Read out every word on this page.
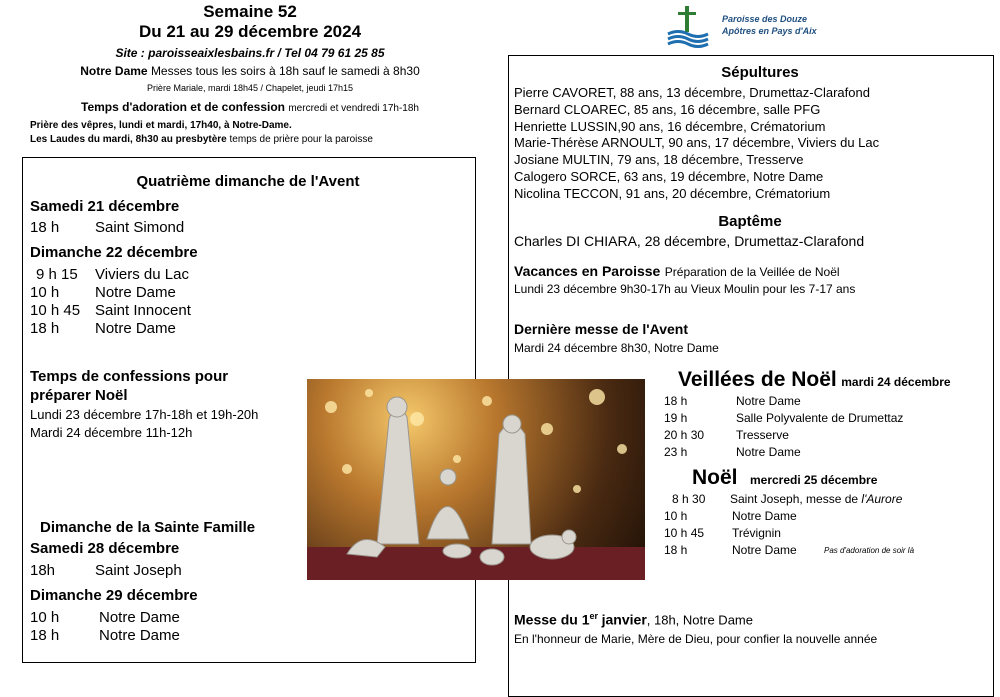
Semaine 52
Du 21 au 29 décembre 2024
Site : paroisseaixlesbains.fr / Tel 04 79 61 25 85
Notre Dame Messes tous les soirs à 18h sauf le samedi à 8h30
Prière Mariale, mardi 18h45 / Chapelet, jeudi 17h15
Temps d'adoration et de confession mercredi et vendredi 17h-18h
Prière des vêpres, lundi et mardi, 17h40, à Notre-Dame.
Les Laudes du mardi, 8h30 au presbytère temps de prière pour la paroisse
Paroisse des Douze
Apôtres en Pays d'Aix
Quatrième dimanche de l'Avent
Samedi 21 décembre
18 h Saint Simond
Dimanche 22 décembre
9 h 15 Viviers du Lac
10 h Notre Dame
10 h 45 Saint Innocent
18 h Notre Dame
Temps de confessions pour
préparer Noël
Lundi 23 décembre 17h-18h et 19h-20h
Mardi 24 décembre 11h-12h
Dimanche de la Sainte Famille
Samedi 28 décembre
18h	Saint Joseph
Dimanche 29 décembre
10 h	Notre Dame
18 h	Notre Dame
Sépultures
Pierre CAVORET, 88 ans, 13 décembre, Drumettaz-Clarafond
Bernard CLOAREC, 85 ans, 16 décembre, salle PFG
Henriette LUSSIN,90 ans, 16 décembre, Crématorium
Marie-Thérèse ARNOULT, 90 ans, 17 décembre, Viviers du Lac
Josiane MULTIN, 79 ans, 18 décembre, Tresserve
Calogero SORCE, 63 ans, 19 décembre, Notre Dame
Nicolina TECCON, 91 ans, 20 décembre, Crématorium
Baptême
Charles DI CHIARA, 28 décembre, Drumettaz-Clarafond
Vacances en Paroisse Préparation de la Veillée de Noël
Lundi 23 décembre 9h30-17h au Vieux Moulin pour les 7-17 ans
Dernière messe de l'Avent
Mardi 24 décembre 8h30, Notre Dame
Veillées de Noël mardi 24 décembre
18 h	Notre Dame
19 h	Salle Polyvalente de Drumettaz
20 h 30	Tresserve
23 h	Notre Dame
Noël mercredi 25 décembre
8 h 30 Saint Joseph, messe de l'Aurore
10 h	Notre Dame
10 h 45 Trévignin
18 h	Notre Dame	Pas d'adoration de soir là
Messe du 1er janvier, 18h, Notre Dame
En l'honneur de Marie, Mère de Dieu, pour confier la nouvelle année
